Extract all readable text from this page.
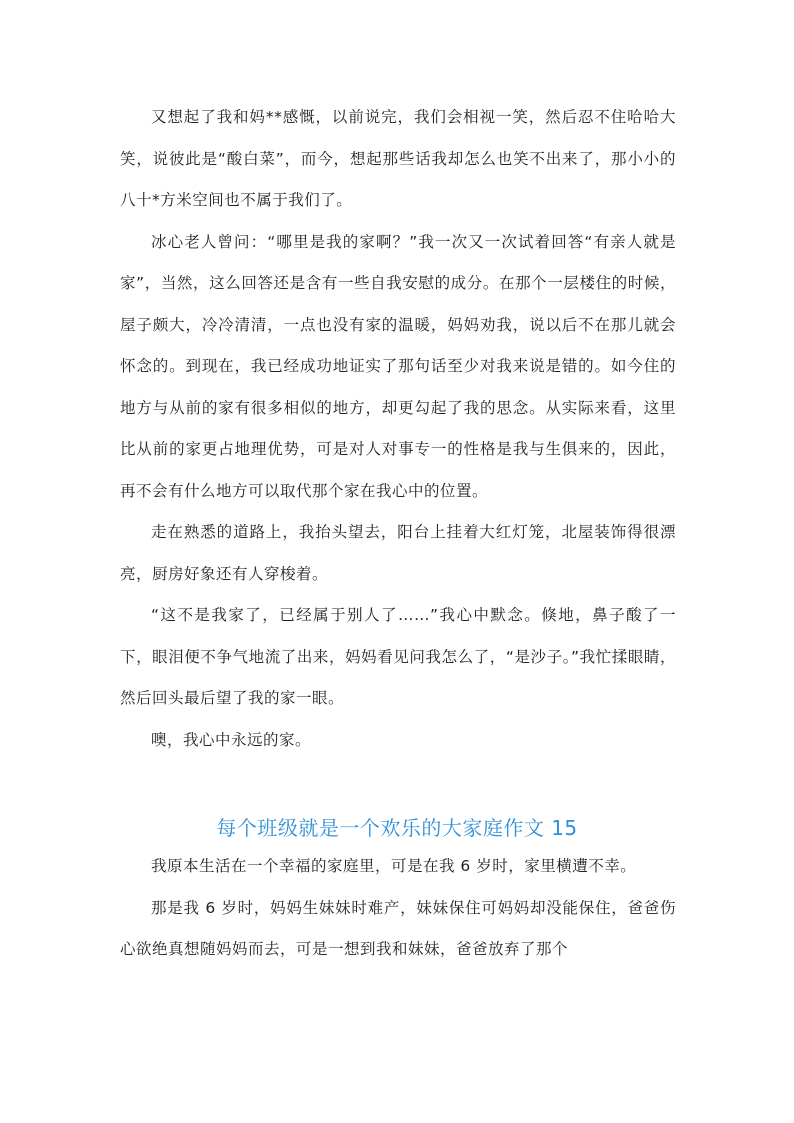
又想起了我和妈**感慨，以前说完，我们会相视一笑，然后忍不住哈哈大笑，说彼此是“酸白菜”，而今，想起那些话我却怎么也笑不出来了，那小小的八十*方米空间也不属于我们了。

冰心老人曾问：“哪里是我的家啊？”我一次又一次试着回答“有亲人就是家”，当然，这么回答还是含有一些自我安慰的成分。在那个一层楼住的时候，屋子颇大，冷冷清清，一点也没有家的温暖，妈妈劝我，说以后不在那儿就会怀念的。到现在，我已经成功地证实了那句话至少对我来说是错的。如今住的地方与从前的家有很多相似的地方，却更勾起了我的思念。从实际来看，这里比从前的家更占地理优势，可是对人对事专一的性格是我与生俱来的，因此，再不会有什么地方可以取代那个家在我心中的位置。

走在熟悉的道路上，我抬头望去，阳台上挂着大红灯笼，北屋装饰得很漂亮，厨房好象还有人穿梭着。

“这不是我家了，已经属于别人了……”我心中默念。倏地，鼻子酸了一下，眼泪便不争气地流了出来，妈妈看见问我怎么了，“是沙子。”我忙揉眼睛，然后回头最后望了我的家一眼。

噢，我心中永远的家。

每个班级就是一个欢乐的大家庭作文 15

我原本生活在一个幸福的家庭里，可是在我 6 岁时，家里横遭不幸。

那是我 6 岁时，妈妈生妹妹时难产，妹妹保住可妈妈却没能保住，爸爸伤心欲绝真想随妈妈而去，可是一想到我和妹妹，爸爸放弃了那个
